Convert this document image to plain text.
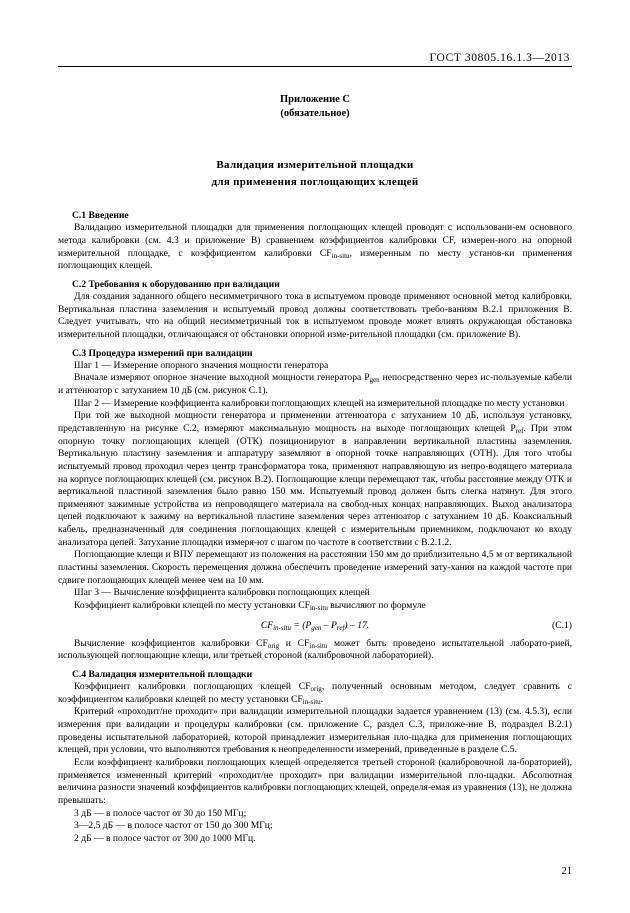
ГОСТ 30805.16.1.3—2013
Приложение С
(обязательное)
Валидация измерительной площадки
для применения поглощающих клещей
С.1 Введение

Валидацию измерительной площадки для применения поглощающих клещей проводят с использовани-ем основного метода калибровки (см. 4.3 и приложение В) сравнением коэффициентов калибровки CF, измерен-ного на опорной измерительной площадке, с коэффициентом калибровки $CF_{in-situ}$, измеренным по месту установ-ки применения поглощающих клещей.

С.2 Требования к оборудованию при валидации

Для создания заданного общего несимметричного тока в испытуемом проводе применяют основной метод калибровки. Вертикальная пластина заземления и испытуемый провод должны соответствовать требо-ваниям В.2.1 приложения В. Следует учитывать, что на общий несимметричный ток в испытуемом проводе может влиять окружающая обстановка измерительной площадки, отличающаяся от обстановки опорной изме-рительной площадки (см. приложение В).

С.3 Процедура измерений при валидации

Шаг 1 — Измерение опорного значения мощности генератора

Вначале измеряют опорное значение выходной мощности генератора $P_{gen}$ непосредственно через ис-пользуемые кабели и аттенюатор с затуханием 10 дБ (см. рисунок С.1).

Шаг 2 — Измерение коэффициента калибровки поглощающих клещей на измерительной площадке по месту установки

При той же выходной мощности генератора и применении аттенюатора с затуханием 10 дБ, используя установку, представленную на рисунке С.2, измеряют максимальную мощность на выходе поглощающих клещей $P_{ref}$. При этом опорную точку поглощающих клещей (ОТК) позиционируют в направлении вертикальной пластины заземления. Вертикальную пластину заземления и аппаратуру заземляют в опорной точке направляющих (ОТН). Для того чтобы испытуемый провод проходил через центр трансформатора тока, применяют направляющую из непро-водящего материала на корпусе поглощающих клещей (см. рисунок В.2). Поглощающие клещи перемещают так, чтобы расстояние между ОТК и вертикальной пластиной заземления было равно 150 мм. Испытуемый провод должен быть слегка натянут. Для этого применяют зажимные устройства из непроводящего материала на свобод-ных концах направляющих. Выход анализатора цепей подключают к зажиму на вертикальной пластине заземления через аттенюатор с затуханием 10 дБ. Коаксиальный кабель, предназначенный для соединения поглощающих клещей с измерительным приемником, подключают ко входу анализатора цепей. Затухание площадки измеря-ют с шагом по частоте в соответствии с В.2.1.2.

Поглощающие клещи и ВПУ перемещают из положения на расстоянии 150 мм до приблизительно 4,5 м от вертикальной пластины заземления. Скорость перемещения должна обеспечить проведение измерений зату-хания на каждой частоте при сдвиге поглощающих клещей менее чем на 10 мм.

Шаг 3 — Вычисление коэффициента калибровки поглощающих клещей

Коэффициент калибровки клещей по месту установки $CF_{in-situ}$ вычисляют по формуле

$CF_{in-situ} = (P_{gen} - P_{ref}) - 17$.	(С.1)

Вычисление коэффициентов калибровки $CF_{orig}$ и $CF_{in-situ}$ может быть проведено испытательной лаборато-рией, использующей поглощающие клещи, или третьей стороной (калибровочной лабораторией).

С.4 Валидация измерительной площадки

Коэффициент калибровки поглощающих клещей $CF_{orig}$, полученный основным методом, следует сравнить с коэффициентом калибровки клещей по месту установки $CF_{in-situ}$.

Критерий «проходит/не проходит» при валидации измерительной площадки задается уравнением (13) (см. 4.5.3), если измерения при валидации и процедуры калибровки (см. приложение С, раздел С.3, приложе-ние В, подраздел В.2.1) проведены испытательной лабораторией, которой принадлежит измерительная пло-щадка для применения поглощающих клещей, при условии, что выполняются требования к неопределенности измерений, приведенные в разделе С.5.

Если коэффициент калибровки поглощающих клещей определяется третьей стороной (калибровочной ла-бораторией), применяется измененный критерий «проходит/не проходит» при валидации измерительной пло-щадки. Абсолютная величина разности значений коэффициентов калибровки поглощающих клещей, определя-емая из уравнения (13), не должна превышать:

3 дБ — в полосе частот от 30 до 150 МГц;

3—2,5 дБ — в полосе частот от 150 до 300 МГц;

2 дБ — в полосе частот от 300 до 1000 МГц.

21
